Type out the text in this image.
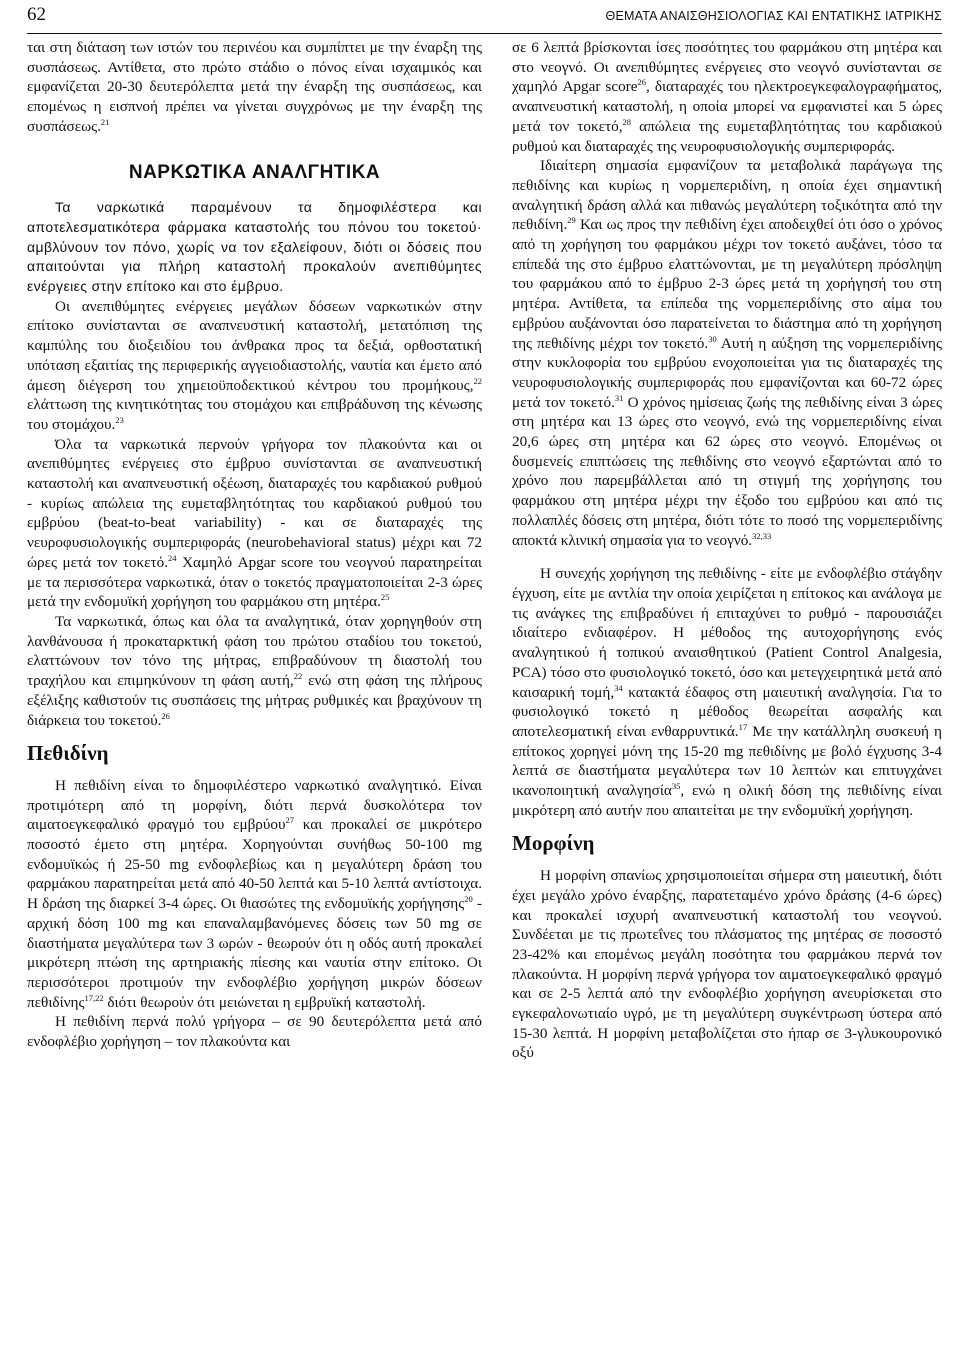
62	ΘΕΜΑΤΑ ΑΝΑΙΣΘΗΣΙΟΛΟΓΙΑΣ ΚΑΙ ΕΝΤΑΤΙΚΗΣ ΙΑΤΡΙΚΗΣ

ται στη διάταση των ιστών του περινέου και συμπίπτει με την έναρξη της συσπάσεως. Αντίθετα, στο πρώτο στάδιο ο πόνος είναι ισχαιμικός και εμφανίζεται 20-30 δευτερόλεπτα μετά την έναρξη της συσπάσεως, και επομένως η εισπνοή πρέπει να γίνεται συγχρόνως με την έναρξη της συσπάσεως.$^{21}$

ΝΑΡΚΩΤΙΚΑ ΑΝΑΛΓΗΤΙΚΑ

Τα ναρκωτικά παραμένουν τα δημοφιλέστερα και αποτελεσματικότερα φάρμακα καταστολής του πόνου του τοκετού· αμβλύνουν τον πόνο, χωρίς να τον εξαλείφουν, διότι οι δόσεις που απαιτούνται για πλήρη καταστολή προκαλούν ανεπιθύμητες ενέργειες στην επίτοκο και στο έμβρυο.

Οι ανεπιθύμητες ενέργειες μεγάλων δόσεων ναρκωτικών στην επίτοκο συνίστανται σε αναπνευστική καταστολή, μετατόπιση της καμπύλης του διοξειδίου του άνθρακα προς τα δεξιά, ορθοστατική υπόταση εξαιτίας της περιφερικής αγγειοδιαστολής, ναυτία και έμετο από άμεση διέγερση του χημειοϋποδεκτικού κέντρου του προμήκους,$^{22}$ ελάττωση της κινητικότητας του στομάχου και επιβράδυνση της κένωσης του στομάχου.$^{23}$

Όλα τα ναρκωτικά περνούν γρήγορα τον πλακούντα και οι ανεπιθύμητες ενέργειες στο έμβρυο συνίστανται σε αναπνευστική καταστολή και αναπνευστική οξέωση, διαταραχές του καρδιακού ρυθμού - κυρίως απώλεια της ευμεταβλητότητας του καρδιακού ρυθμού του εμβρύου (beat-to-beat variability) - και σε διαταραχές της νευροφυσιολογικής συμπεριφοράς (neurobehavioral status) μέχρι και 72 ώρες μετά τον τοκετό.$^{24}$ Χαμηλό Apgar score του νεογνού παρατηρείται με τα περισσότερα ναρκωτικά, όταν ο τοκετός πραγματοποιείται 2-3 ώρες μετά την ενδομυϊκή χορήγηση του φαρμάκου στη μητέρα.$^{25}$

Τα ναρκωτικά, όπως και όλα τα αναλγητικά, όταν χορηγηθούν στη λανθάνουσα ή προκαταρκτική φάση του πρώτου σταδίου του τοκετού, ελαττώνουν τον τόνο της μήτρας, επιβραδύνουν τη διαστολή του τραχήλου και επιμηκύνουν τη φάση αυτή,$^{22}$ ενώ στη φάση της πλήρους εξέλιξης καθιστούν τις συσπάσεις της μήτρας ρυθμικές και βραχύνουν τη διάρκεια του τοκετού.$^{26}$

Πεθιδίνη

Η πεθιδίνη είναι το δημοφιλέστερο ναρκωτικό αναλγητικό. Είναι προτιμότερη από τη μορφίνη, διότι περνά δυσκολότερα τον αιματοεγκεφαλικό φραγμό του εμβρύου$^{27}$ και προκαλεί σε μικρότερο ποσοστό έμετο στη μητέρα. Χορηγούνται συνήθως 50-100 mg ενδομυϊκώς ή 25-50 mg ενδοφλεβίως και η μεγαλύτερη δράση του φαρμάκου παρατηρείται μετά από 40-50 λεπτά και 5-10 λεπτά αντίστοιχα. Η δράση της διαρκεί 3-4 ώρες. Οι θιασώτες της ενδομυϊκής χορήγησης$^{20}$ - αρχική δόση 100 mg και επαναλαμβανόμενες δόσεις των 50 mg σε διαστήματα μεγαλύτερα των 3 ωρών - θεωρούν ότι η οδός αυτή προκαλεί μικρότερη πτώση της αρτηριακής πίεσης και ναυτία στην επίτοκο. Οι περισσότεροι προτιμούν την ενδοφλέβιο χορήγηση μικρών δόσεων πεθιδίνης$^{17,22}$ διότι θεωρούν ότι μειώνεται η εμβρυϊκή καταστολή.

Η πεθιδίνη περνά πολύ γρήγορα – σε 90 δευτερόλεπτα μετά από ενδοφλέβιο χορήγηση – τον πλακούντα και

σε 6 λεπτά βρίσκονται ίσες ποσότητες του φαρμάκου στη μητέρα και στο νεογνό. Οι ανεπιθύμητες ενέργειες στο νεογνό συνίστανται σε χαμηλό Apgar score$^{26}$, διαταραχές του ηλεκτροεγκεφαλογραφήματος, αναπνευστική καταστολή, η οποία μπορεί να εμφανιστεί και 5 ώρες μετά τον τοκετό,$^{28}$ απώλεια της ευμεταβλητότητας του καρδιακού ρυθμού και διαταραχές της νευροφυσιολογικής συμπεριφοράς.

Ιδιαίτερη σημασία εμφανίζουν τα μεταβολικά παράγωγα της πεθιδίνης και κυρίως η νορμεπεριδίνη, η οποία έχει σημαντική αναλγητική δράση αλλά και πιθανώς μεγαλύτερη τοξικότητα από την πεθιδίνη.$^{29}$ Και ως προς την πεθιδίνη έχει αποδειχθεί ότι όσο ο χρόνος από τη χορήγηση του φαρμάκου μέχρι τον τοκετό αυξάνει, τόσο τα επίπεδά της στο έμβρυο ελαττώνονται, με τη μεγαλύτερη πρόσληψη του φαρμάκου από το έμβρυο 2-3 ώρες μετά τη χορήγησή του στη μητέρα. Αντίθετα, τα επίπεδα της νορμεπεριδίνης στο αίμα του εμβρύου αυξάνονται όσο παρατείνεται το διάστημα από τη χορήγηση της πεθιδίνης μέχρι τον τοκετό.$^{30}$ Αυτή η αύξηση της νορμεπεριδίνης στην κυκλοφορία του εμβρύου ενοχοποιείται για τις διαταραχές της νευροφυσιολογικής συμπεριφοράς που εμφανίζονται και 60-72 ώρες μετά τον τοκετό.$^{31}$ Ο χρόνος ημίσειας ζωής της πεθιδίνης είναι 3 ώρες στη μητέρα και 13 ώρες στο νεογνό, ενώ της νορμεπεριδίνης είναι 20,6 ώρες στη μητέρα και 62 ώρες στο νεογνό. Επομένως οι δυσμενείς επιπτώσεις της πεθιδίνης στο νεογνό εξαρτώνται από το χρόνο που παρεμβάλλεται από τη στιγμή της χορήγησης του φαρμάκου στη μητέρα μέχρι την έξοδο του εμβρύου και από τις πολλαπλές δόσεις στη μητέρα, διότι τότε το ποσό της νορμεπεριδίνης αποκτά κλινική σημασία για το νεογνό.$^{32,33}$

Η συνεχής χορήγηση της πεθιδίνης - είτε με ενδοφλέβιο στάγδην έγχυση, είτε με αντλία την οποία χειρίζεται η επίτοκος και ανάλογα με τις ανάγκες της επιβραδύνει ή επιταχύνει το ρυθμό - παρουσιάζει ιδιαίτερο ενδιαφέρον. Η μέθοδος της αυτοχορήγησης ενός αναλγητικού ή τοπικού αναισθητικού (Patient Control Analgesia, PCA) τόσο στο φυσιολογικό τοκετό, όσο και μετεγχειρητικά μετά από καισαρική τομή,$^{34}$ κατακτά έδαφος στη μαιευτική αναλγησία. Για το φυσιολογικό τοκετό η μέθοδος θεωρείται ασφαλής και αποτελεσματική είναι ενθαρρυντικά.$^{17}$ Με την κατάλληλη συσκευή η επίτοκος χορηγεί μόνη της 15-20 mg πεθιδίνης με βολό έγχυσης 3-4 λεπτά σε διαστήματα μεγαλύτερα των 10 λεπτών και επιτυγχάνει ικανοποιητική αναλγησία$^{35}$, ενώ η ολική δόση της πεθιδίνης είναι μικρότερη από αυτήν που απαιτείται με την ενδομυϊκή χορήγηση.

Μορφίνη

Η μορφίνη σπανίως χρησιμοποιείται σήμερα στη μαιευτική, διότι έχει μεγάλο χρόνο έναρξης, παρατεταμένο χρόνο δράσης (4-6 ώρες) και προκαλεί ισχυρή αναπνευστική καταστολή του νεογνού. Συνδέεται με τις πρωτεΐνες του πλάσματος της μητέρας σε ποσοστό 23-42% και επομένως μεγάλη ποσότητα του φαρμάκου περνά τον πλακούντα. Η μορφίνη περνά γρήγορα τον αιματοεγκεφαλικό φραγμό και σε 2-5 λεπτά από την ενδοφλέβιο χορήγηση ανευρίσκεται στο εγκεφαλονωτιαίο υγρό, με τη μεγαλύτερη συγκέντρωση ύστερα από 15-30 λεπτά. Η μορφίνη μεταβολίζεται στο ήπαρ σε 3-γλυκουρονικό οξύ
